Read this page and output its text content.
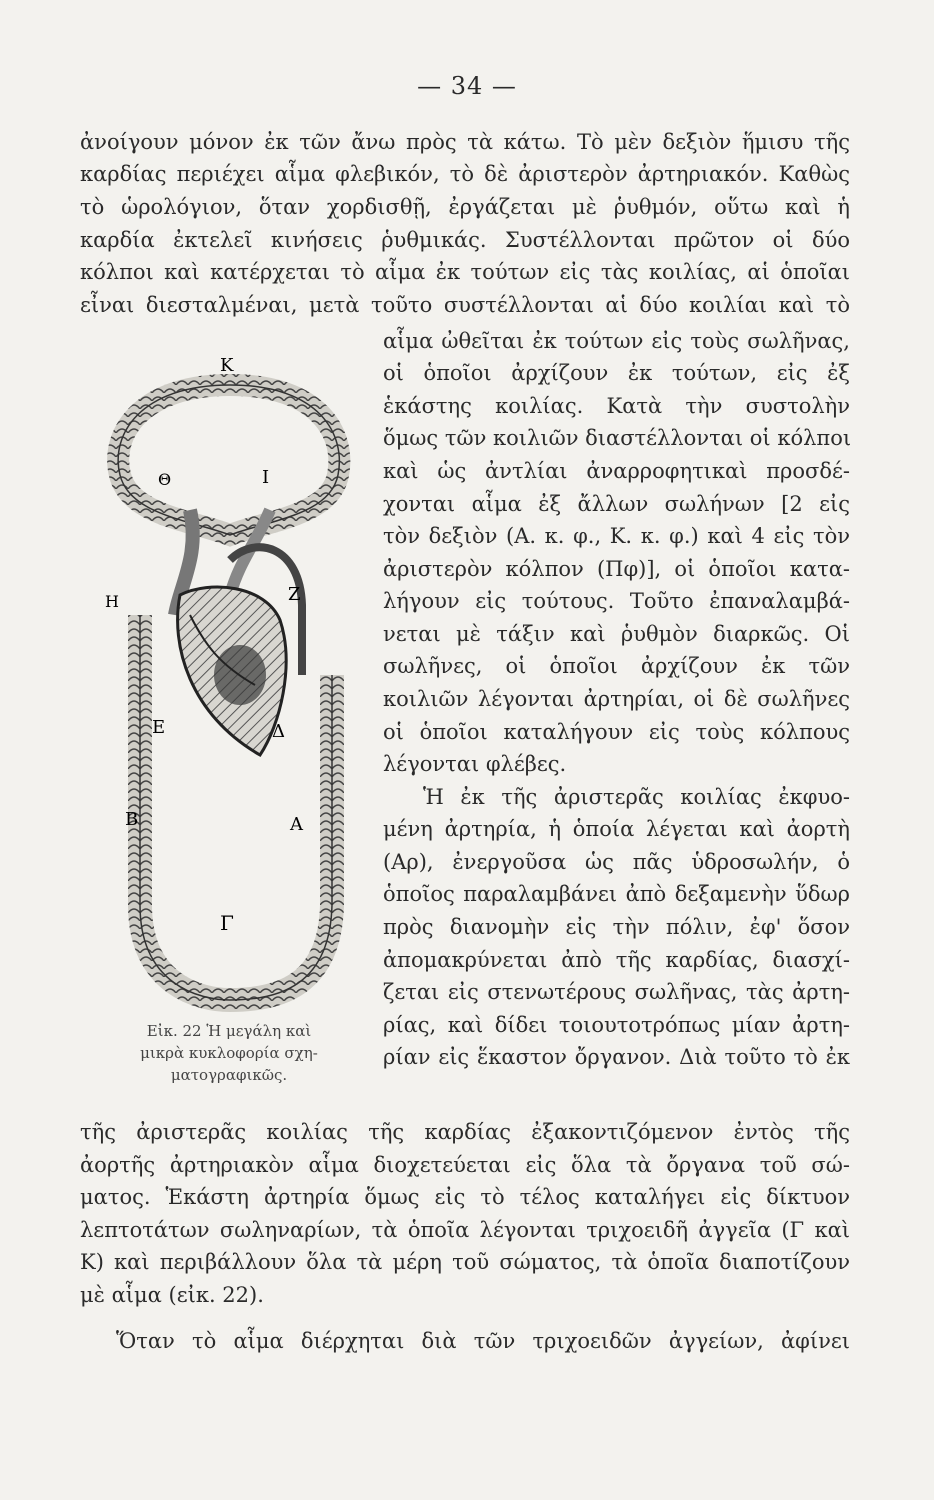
— 34 —
ἀνοίγουν μόνον ἐκ τῶν ἄνω πρὸς τὰ κάτω. Τὸ μὲν δεξιὸν ἥμισυ τῆς
καρδίας περιέχει αἷμα φλεβικόν, τὸ δὲ ἀριστερὸν ἀρτηριακόν. Καθὼς
τὸ ὡρολόγιον, ὅταν χορδισθῇ, ἐργάζεται μὲ ῥυθμόν, οὕτω καὶ ἡ
καρδία ἐκτελεῖ κινήσεις ῥυθμικάς. Συστέλλονται πρῶτον οἱ δύο
κόλποι καὶ κατέρχεται τὸ αἷμα ἐκ τούτων εἰς τὰς κοιλίας, αἱ ὁποῖαι
εἶναι διεσταλμέναι, μετὰ τοῦτο συστέλλονται αἱ δύο κοιλίαι καὶ τὸ
αἷμα ὠθεῖται ἐκ τούτων εἰς τοὺς σωλῆνας,
οἱ ὁποῖοι ἀρχίζουν ἐκ τούτων, εἰς ἐξ
ἑκάστης κοιλίας. Κατὰ τὴν συστολὴν
ὅμως τῶν κοιλιῶν διαστέλλονται οἱ κόλποι
καὶ ὡς ἀντλίαι ἀναρροφητικαὶ προσδέ-
χονται αἷμα ἐξ ἄλλων σωλήνων [2 εἰς
τὸν δεξιὸν (Α. κ. φ., Κ. κ. φ.) καὶ 4 εἰς τὸν
ἀριστερὸν κόλπον (Πφ)], οἱ ὁποῖοι κατα-
λήγουν εἰς τούτους. Τοῦτο ἐπαναλαμβά-
νεται μὲ τάξιν καὶ ῥυθμὸν διαρκῶς. Οἱ
σωλῆνες, οἱ ὁποῖοι ἀρχίζουν ἐκ τῶν
κοιλιῶν λέγονται ἀρτηρίαι, οἱ δὲ σωλῆνες
οἱ ὁποῖοι καταλήγουν εἰς τοὺς κόλπους
λέγονται φλέβες.
Ἡ ἐκ τῆς ἀριστερᾶς κοιλίας ἐκφυο-
μένη ἀρτηρία, ἡ ὁποία λέγεται καὶ ἀορτὴ
(Αρ), ἐνεργοῦσα ὡς πᾶς ὑδροσωλήν, ὁ
ὁποῖος παραλαμβάνει ἀπὸ δεξαμενὴν ὕδωρ
πρὸς διανομὴν εἰς τὴν πόλιν, ἐφ' ὅσον
ἀπομακρύνεται ἀπὸ τῆς καρδίας, διασχί-
ζεται εἰς στενωτέρους σωλῆνας, τὰς ἀρτη-
ρίας, καὶ δίδει τοιουτοτρόπως μίαν ἀρτη-
ρίαν εἰς ἕκαστον ὄργανον. Διὰ τοῦτο τὸ ἐκ
Κ
Θ	Ι
Η	Ζ
Ε	Δ
Β	Α
Γ
Εἰκ. 22 Ἡ μεγάλη καὶ
μικρὰ κυκλοφορία σχη-
ματογραφικῶς.
τῆς ἀριστερᾶς κοιλίας τῆς καρδίας ἐξακοντιζόμενον ἐντὸς τῆς
ἀορτῆς ἀρτηριακὸν αἷμα διοχετεύεται εἰς ὅλα τὰ ὄργανα τοῦ σώ-
ματος. Ἑκάστη ἀρτηρία ὅμως εἰς τὸ τέλος καταλήγει εἰς δίκτυον
λεπτοτάτων σωληναρίων, τὰ ὁποῖα λέγονται τριχοειδῆ ἀγγεῖα (Γ καὶ
Κ) καὶ περιβάλλουν ὅλα τὰ μέρη τοῦ σώματος, τὰ ὁποῖα διαποτίζουν
μὲ αἷμα (εἰκ. 22).
Ὅταν τὸ αἷμα διέρχηται διὰ τῶν τριχοειδῶν ἀγγείων, ἀφίνει
